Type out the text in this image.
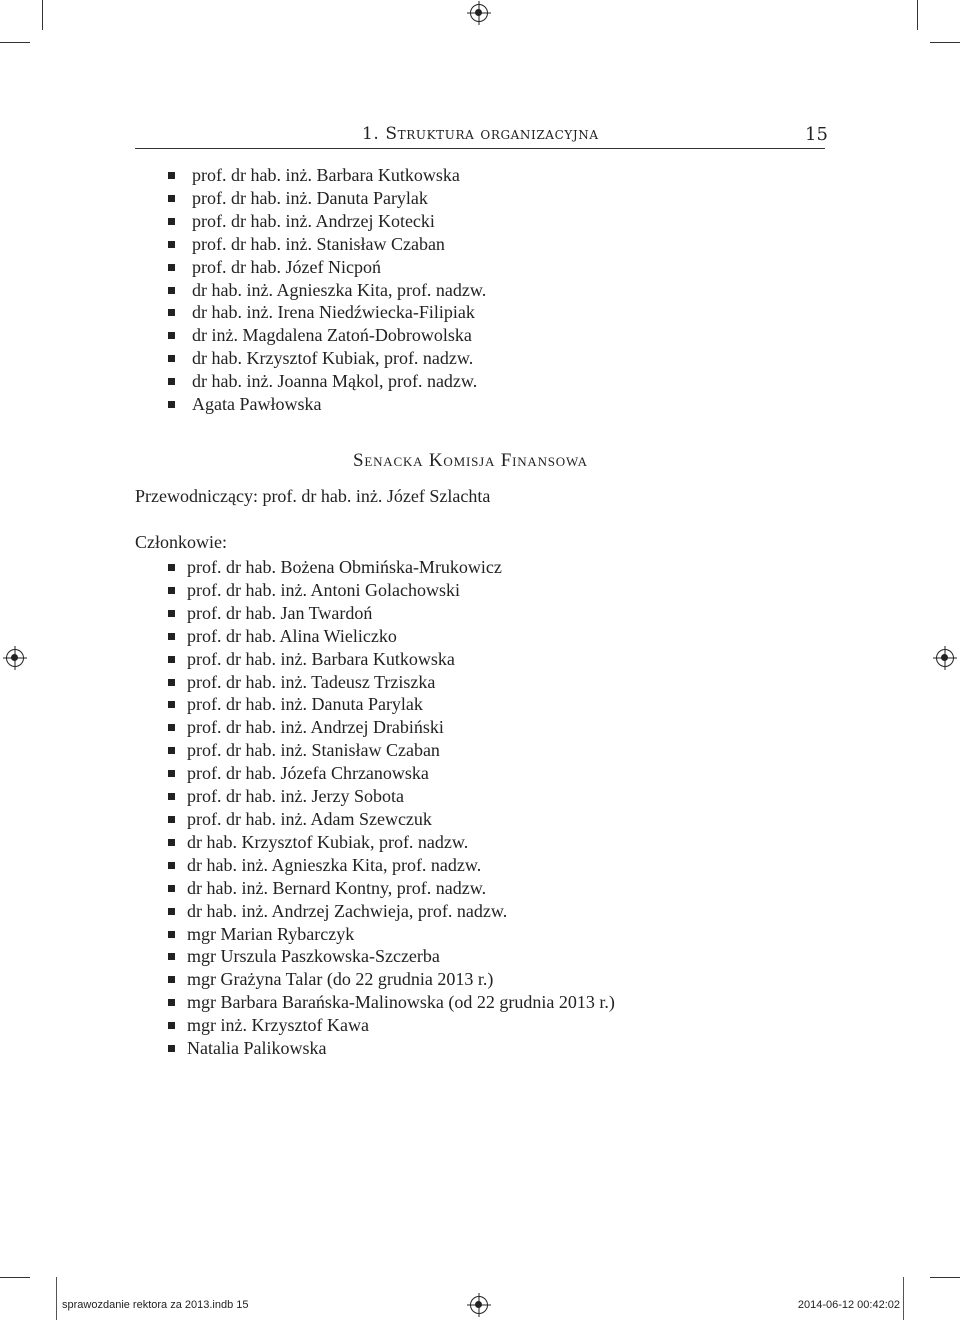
1. Struktura organizacyjna	15
prof. dr hab. inż. Barbara Kutkowska
prof. dr hab. inż. Danuta Parylak
prof. dr hab. inż. Andrzej Kotecki
prof. dr hab. inż. Stanisław Czaban
prof. dr hab. Józef Nicpoń
dr hab. inż. Agnieszka Kita, prof. nadzw.
dr hab. inż. Irena Niedźwiecka-Filipiak
dr inż. Magdalena Zatoń-Dobrowolska
dr hab. Krzysztof Kubiak, prof. nadzw.
dr hab. inż. Joanna Mąkol, prof. nadzw.
Agata Pawłowska
Senacka Komisja Finansowa
Przewodniczący: prof. dr hab. inż. Józef Szlachta
Członkowie:
prof. dr hab. Bożena Obmińska-Mrukowicz
prof. dr hab. inż. Antoni Golachowski
prof. dr hab. Jan Twardoń
prof. dr hab. Alina Wieliczko
prof. dr hab. inż. Barbara Kutkowska
prof. dr hab. inż. Tadeusz Trziszka
prof. dr hab. inż. Danuta Parylak
prof. dr hab. inż. Andrzej Drabiński
prof. dr hab. inż. Stanisław Czaban
prof. dr hab. Józefa Chrzanowska
prof. dr hab. inż. Jerzy Sobota
prof. dr hab. inż. Adam Szewczuk
dr hab. Krzysztof Kubiak, prof. nadzw.
dr hab. inż. Agnieszka Kita, prof. nadzw.
dr hab. inż. Bernard Kontny, prof. nadzw.
dr hab. inż. Andrzej Zachwieja, prof. nadzw.
mgr Marian Rybarczyk
mgr Urszula Paszkowska-Szczerba
mgr Grażyna Talar (do 22 grudnia 2013 r.)
mgr Barbara Barańska-Malinowska (od 22 grudnia 2013 r.)
mgr inż. Krzysztof Kawa
Natalia Palikowska
sprawozdanie rektora za 2013.indb 15	2014-06-12 00:42:02
